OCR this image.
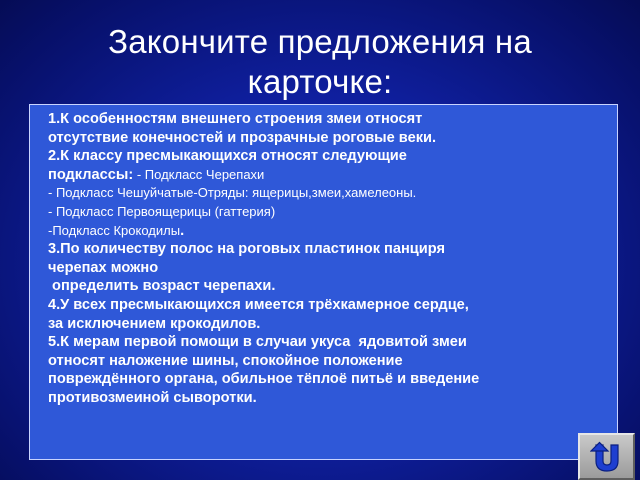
Закончите предложения на
карточке:
1.К особенностям внешнего строения змеи относят
отсутствие конечностей и прозрачные роговые веки.
2.К классу пресмыкающихся относят следующие
подклассы: - Подкласс Черепахи
- Подкласс Чешуйчатые-Отряды: ящерицы,змеи,хамелеоны.
- Подкласс Первоящерицы (гаттерия)
-Подкласс Крокодилы.
3.По количеству полос на роговых пластинок панциря
черепах можно
определить возраст черепахи.
4.У всех пресмыкающихся имеется трёхкамерное сердце,
за исключением крокодилов.
5.К мерам первой помощи в случаи укуса  ядовитой змеи
относят наложение шины, спокойное положение
повреждённого органа, обильное тёплоё питьё и введение
противозмеиной сыворотки.
